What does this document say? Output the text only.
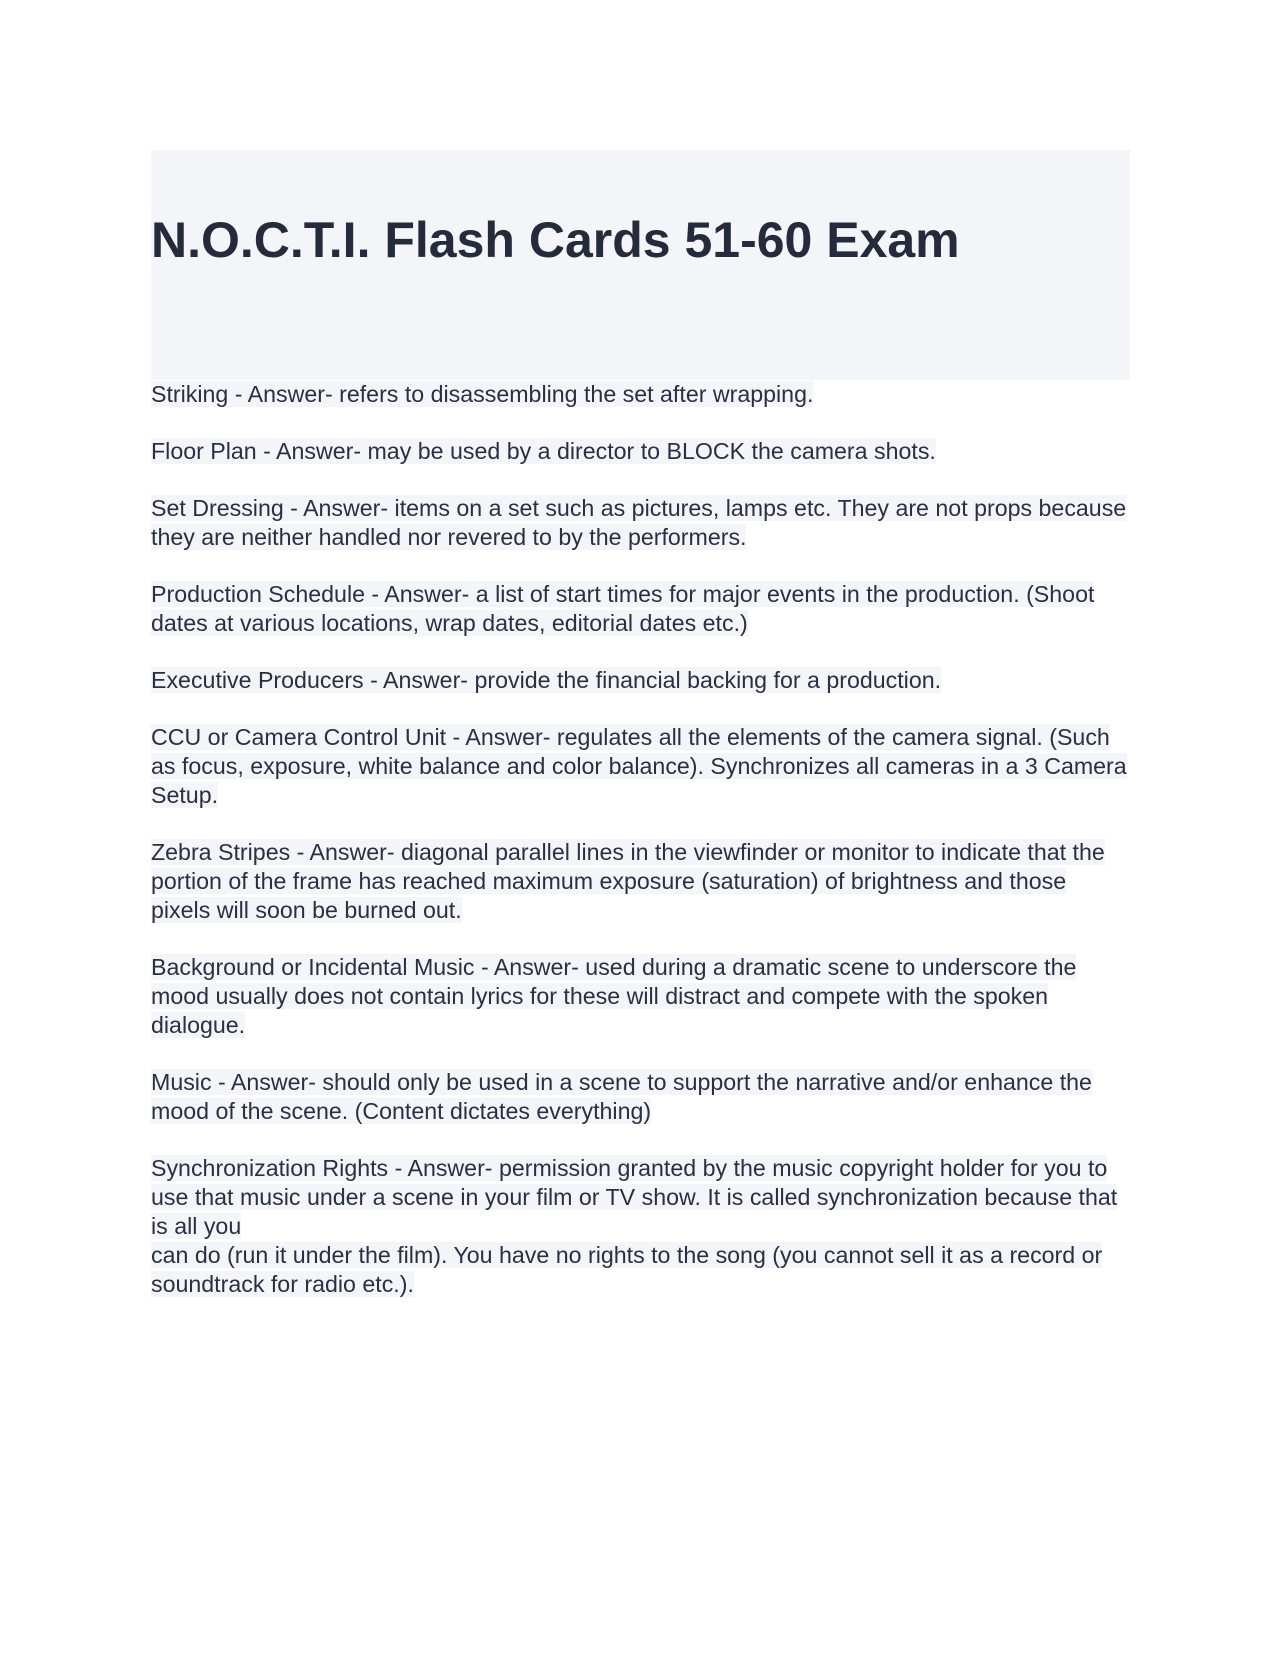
N.O.C.T.I. Flash Cards 51-60 Exam

Striking - Answer- refers to disassembling the set after wrapping.

Floor Plan - Answer- may be used by a director to BLOCK the camera shots.

Set Dressing - Answer- items on a set such as pictures, lamps etc. They are not props because they are neither handled nor revered to by the performers.

Production Schedule - Answer- a list of start times for major events in the production. (Shoot dates at various locations, wrap dates, editorial dates etc.)

Executive Producers - Answer- provide the financial backing for a production.

CCU or Camera Control Unit - Answer- regulates all the elements of the camera signal. (Such as focus, exposure, white balance and color balance). Synchronizes all cameras in a 3 Camera Setup.

Zebra Stripes - Answer- diagonal parallel lines in the viewfinder or monitor to indicate that the portion of the frame has reached maximum exposure (saturation) of brightness and those pixels will soon be burned out.

Background or Incidental Music - Answer- used during a dramatic scene to underscore the mood usually does not contain lyrics for these will distract and compete with the spoken dialogue.

Music - Answer- should only be used in a scene to support the narrative and/or enhance the mood of the scene. (Content dictates everything)

Synchronization Rights - Answer- permission granted by the music copyright holder for you to use that music under a scene in your film or TV show. It is called synchronization because that is all you
can do (run it under the film). You have no rights to the song (you cannot sell it as a record or soundtrack for radio etc.).
